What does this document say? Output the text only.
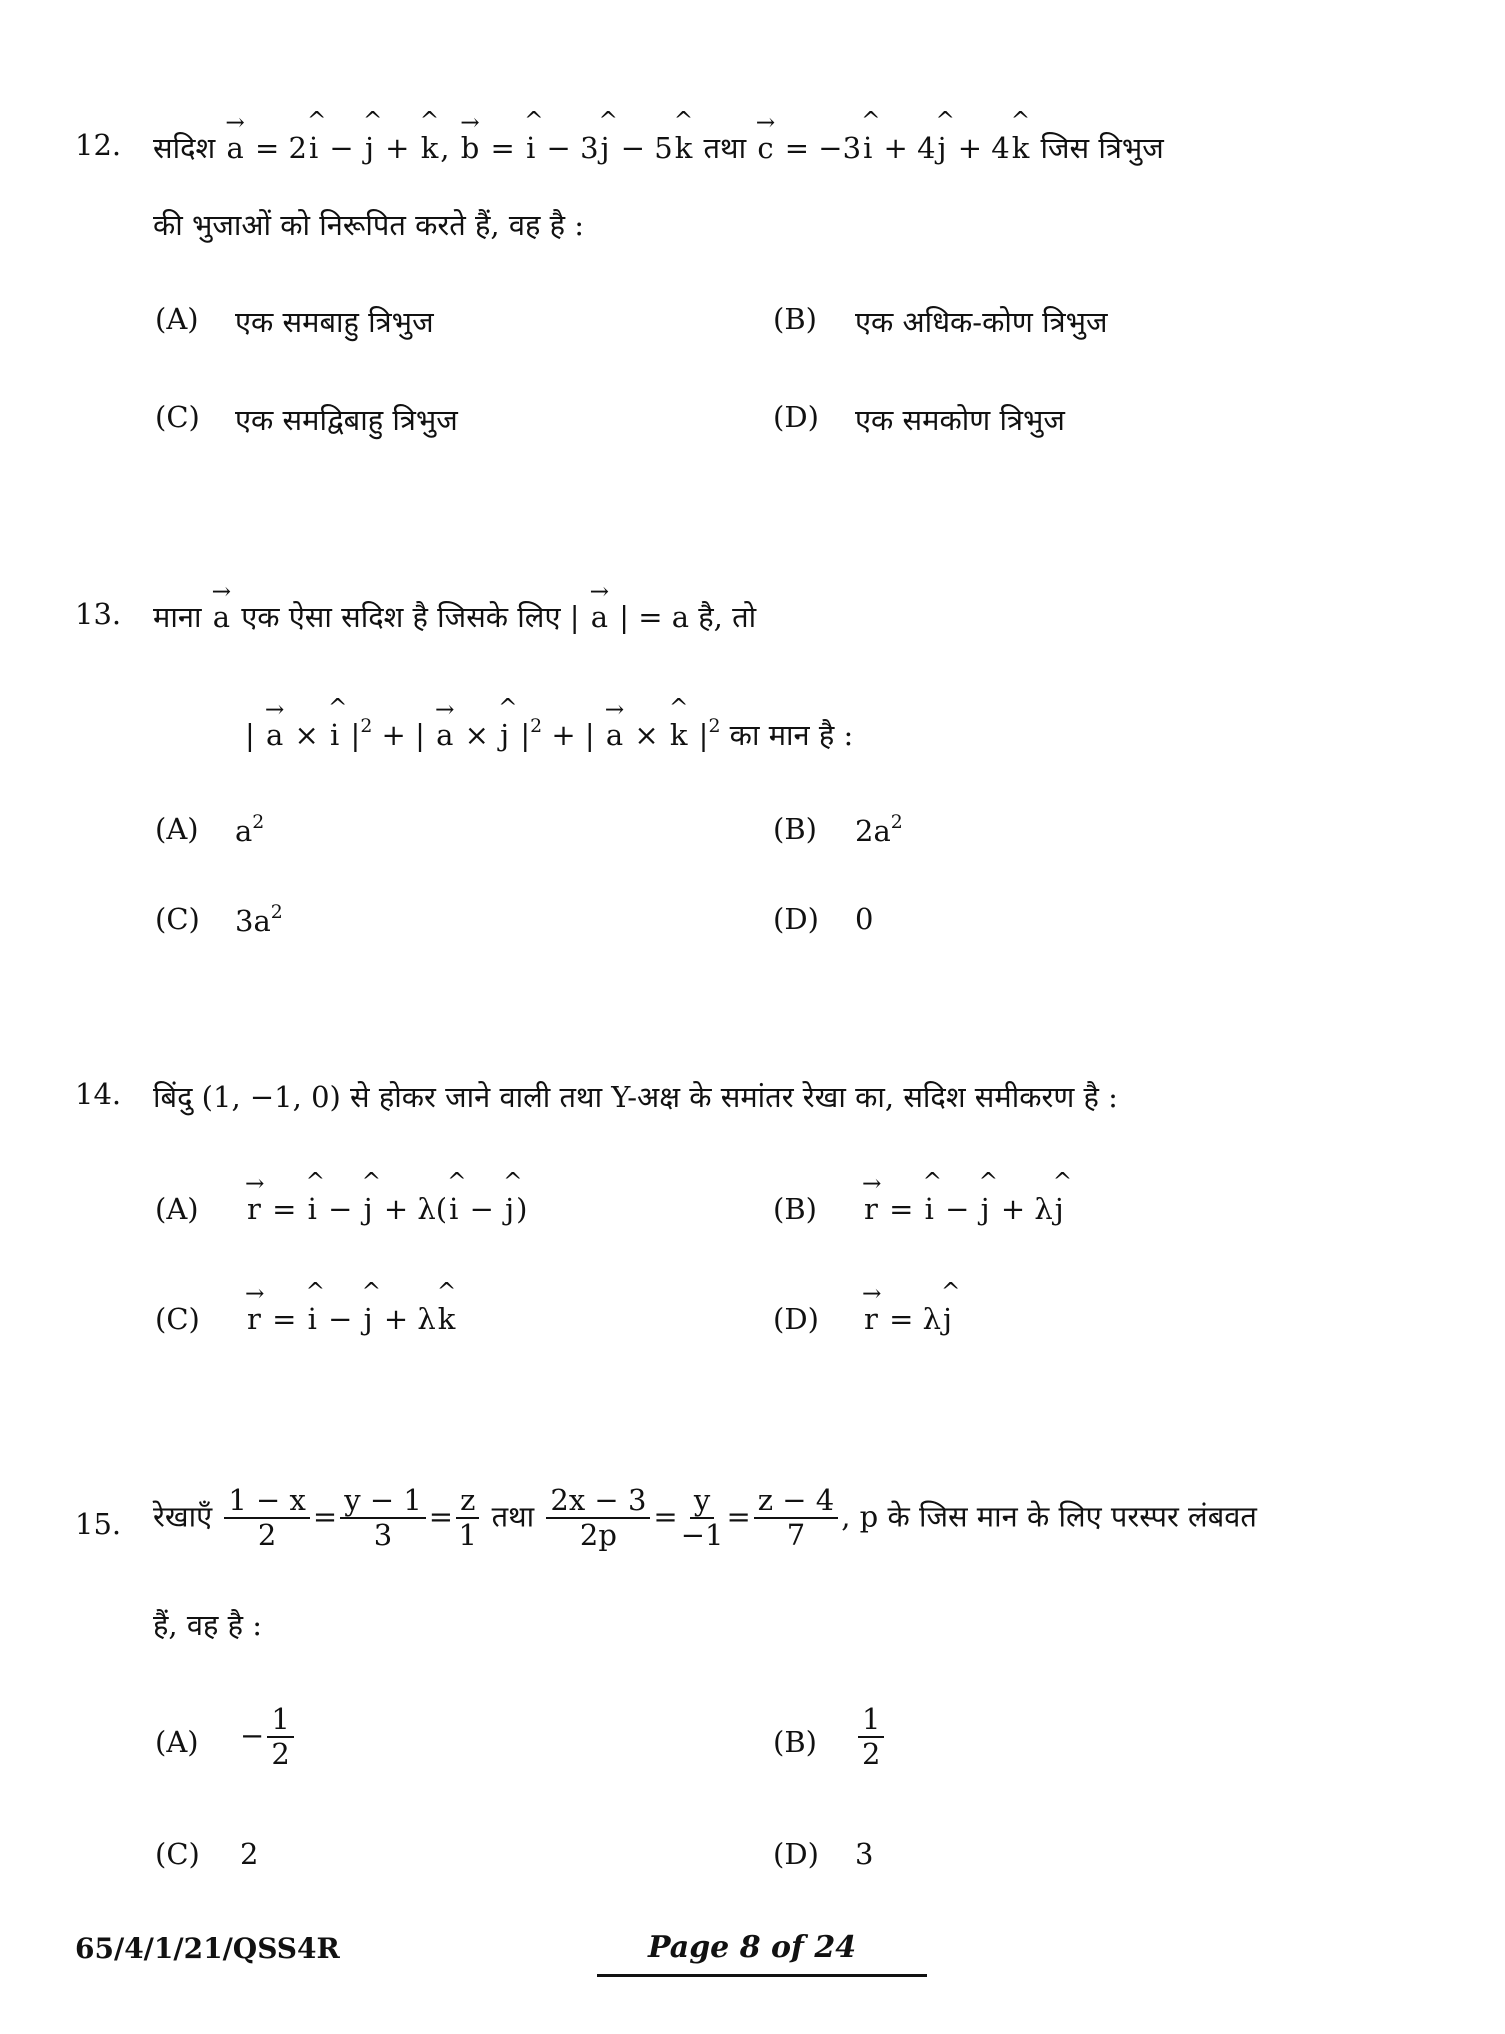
12. सदिश
→
a = 2
^
i −
^
j +
^
k,
→
b =
^
i − 3
^
j − 5
^
k तथा
→
c = −3
^
i + 4
^
j + 4
^
k जिस त्रिभुज
की भुजाओं को निरूपित करते हैं, वह है :
(A) एक समबाहु त्रिभुज	(B) एक अधिक-कोण त्रिभुज
(C) एक समद्विबाहु त्रिभुज	(D) एक समकोण त्रिभुज
13. माना
→
a एक ऐसा सदिश है जिसके लिए |
→
a | = a है, तो
|
→
a ×
^
i $|^2$ + |
→
a ×
^
j $|^2$ + |
→
a ×
^
k $|^2$ का मान है :
(A) $a^2$	(B) $2a^2$
(C) $3a^2$	(D) 0
14. बिंदु (1, −1, 0) से होकर जाने वाली तथा Y-अक्ष के समांतर रेखा का, सदिश समीकरण है :
(A)
→
r =
^
i −
^
j + λ(
^
i −
^
j)	(B)
→
r =
^
i −
^
j + λ
^
j
(C)
→
r =
^
i −
^
j + λ
^
k	(D)
→
r = λ
^
j
15. रेखाएँ $\frac{1 - x}{2} = \frac{y - 1}{3} = \frac{z}{1}$ तथा $\frac{2x - 3}{2p} = \frac{y}{-1} = \frac{z - 4}{7}$ , p के जिस मान के लिए परस्पर लंबवत
हैं, वह है :
$(A) - \frac{1}{2}$	$(B) \frac{1}{2}$
(C) 2	(D) 3
65/4/1/21/QSS4R	Page 8 of 24
